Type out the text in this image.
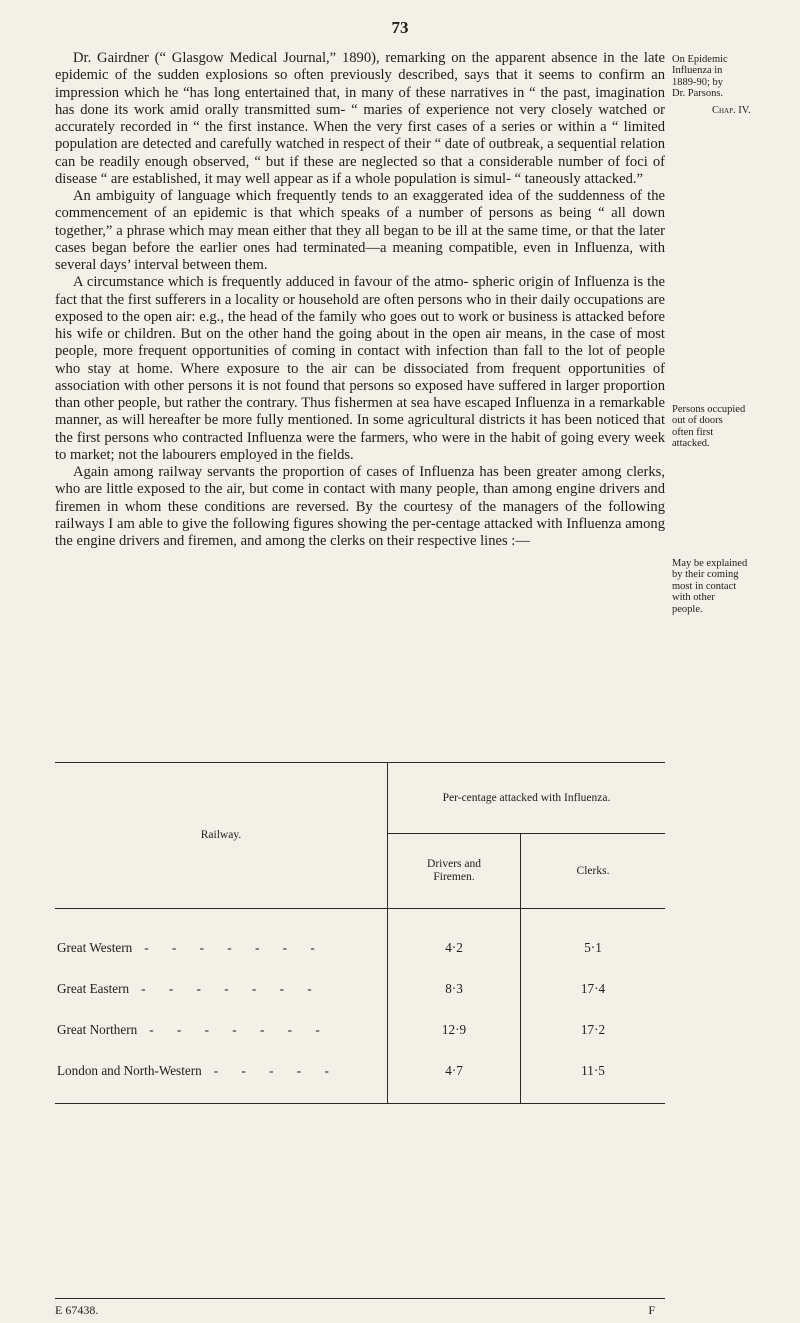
73

Dr. Gairdner (“ Glasgow Medical Journal,” 1890), remarking on the apparent absence in the late epidemic of the sudden explosions so often previously described, says that it seems to confirm an impression which he “has long entertained that, in many of these narratives in “ the past, imagination has done its work amid orally transmitted sum- “ maries of experience not very closely watched or accurately recorded in “ the first instance. When the very first cases of a series or within a “ limited population are detected and carefully watched in respect of their “ date of outbreak, a sequential relation can be readily enough observed, “ but if these are neglected so that a considerable number of foci of disease “ are established, it may well appear as if a whole population is simul- “ taneously attacked.”

An ambiguity of language which frequently tends to an exaggerated idea of the suddenness of the commencement of an epidemic is that which speaks of a number of persons as being “ all down together,” a phrase which may mean either that they all began to be ill at the same time, or that the later cases began before the earlier ones had terminated—a meaning compatible, even in Influenza, with several days’ interval between them.

A circumstance which is frequently adduced in favour of the atmo- spheric origin of Influenza is the fact that the first sufferers in a locality or household are often persons who in their daily occupations are exposed to the open air: e.g., the head of the family who goes out to work or business is attacked before his wife or children. But on the other hand the going about in the open air means, in the case of most people, more frequent opportunities of coming in contact with infection than fall to the lot of people who stay at home. Where exposure to the air can be dissociated from frequent opportunities of association with other persons it is not found that persons so exposed have suffered in larger proportion than other people, but rather the contrary. Thus fishermen at sea have escaped Influenza in a remarkable manner, as will hereafter be more fully mentioned. In some agricultural districts it has been noticed that the first persons who contracted Influenza were the farmers, who were in the habit of going every week to market; not the labourers employed in the fields.

Again among railway servants the proportion of cases of Influenza has been greater among clerks, who are little exposed to the air, but come in contact with many people, than among engine drivers and firemen in whom these conditions are reversed. By the courtesy of the managers of the following railways I am able to give the following figures showing the per-centage attacked with Influenza among the engine drivers and firemen, and among the clerks on their respective lines :—

On Epidemic
Influenza in
1889-90; by
Dr. Parsons.
Chap. IV.
Persons occupied
out of doors
often first
attacked.
May be explained
by their coming
most in contact
with other
people.
Railway.	Per-centage attacked with Influenza.	

	Drivers and Firemen.	Clerks.
Great Western - - - - - - -	4·2	5·1
Great Eastern - - - - - - -	8·3	17·4
Great Northern - - - - - - -	12·9	17·2
London and North-Western - - - - -	4·7	11·5
E 67438.	F
